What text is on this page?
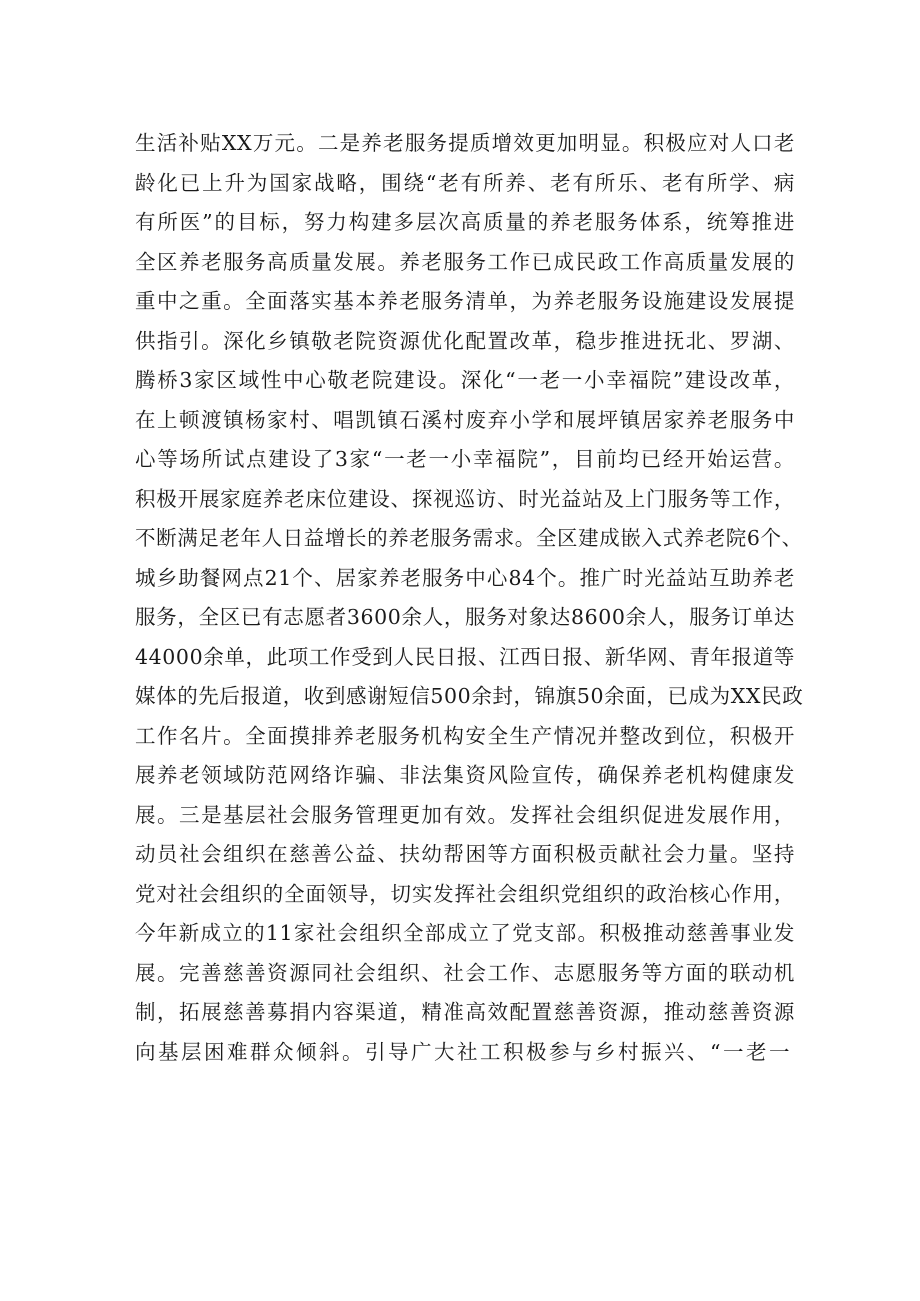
生活补贴XX万元。二是养老服务提质增效更加明显。积极应对人口老
龄化已上升为国家战略，围绕“老有所养、老有所乐、老有所学、病
有所医”的目标，努力构建多层次高质量的养老服务体系，统筹推进
全区养老服务高质量发展。养老服务工作已成民政工作高质量发展的
重中之重。全面落实基本养老服务清单，为养老服务设施建设发展提
供指引。深化乡镇敬老院资源优化配置改革，稳步推进抚北、罗湖、
腾桥3家区域性中心敬老院建设。深化“一老一小幸福院”建设改革，
在上顿渡镇杨家村、唱凯镇石溪村废弃小学和展坪镇居家养老服务中
心等场所试点建设了3家“一老一小幸福院”，目前均已经开始运营。
积极开展家庭养老床位建设、探视巡访、时光益站及上门服务等工作，
不断满足老年人日益增长的养老服务需求。全区建成嵌入式养老院6个、
城乡助餐网点21个、居家养老服务中心84个。推广时光益站互助养老
服务，全区已有志愿者3600余人，服务对象达8600余人，服务订单达
44000余单，此项工作受到人民日报、江西日报、新华网、青年报道等
媒体的先后报道，收到感谢短信500余封，锦旗50余面，已成为XX民政
工作名片。全面摸排养老服务机构安全生产情况并整改到位，积极开
展养老领域防范网络诈骗、非法集资风险宣传，确保养老机构健康发
展。三是基层社会服务管理更加有效。发挥社会组织促进发展作用，
动员社会组织在慈善公益、扶幼帮困等方面积极贡献社会力量。坚持
党对社会组织的全面领导，切实发挥社会组织党组织的政治核心作用，
今年新成立的11家社会组织全部成立了党支部。积极推动慈善事业发
展。完善慈善资源同社会组织、社会工作、志愿服务等方面的联动机
制，拓展慈善募捐内容渠道，精准高效配置慈善资源，推动慈善资源
向基层困难群众倾斜。引导广大社工积极参与乡村振兴、“一老一
